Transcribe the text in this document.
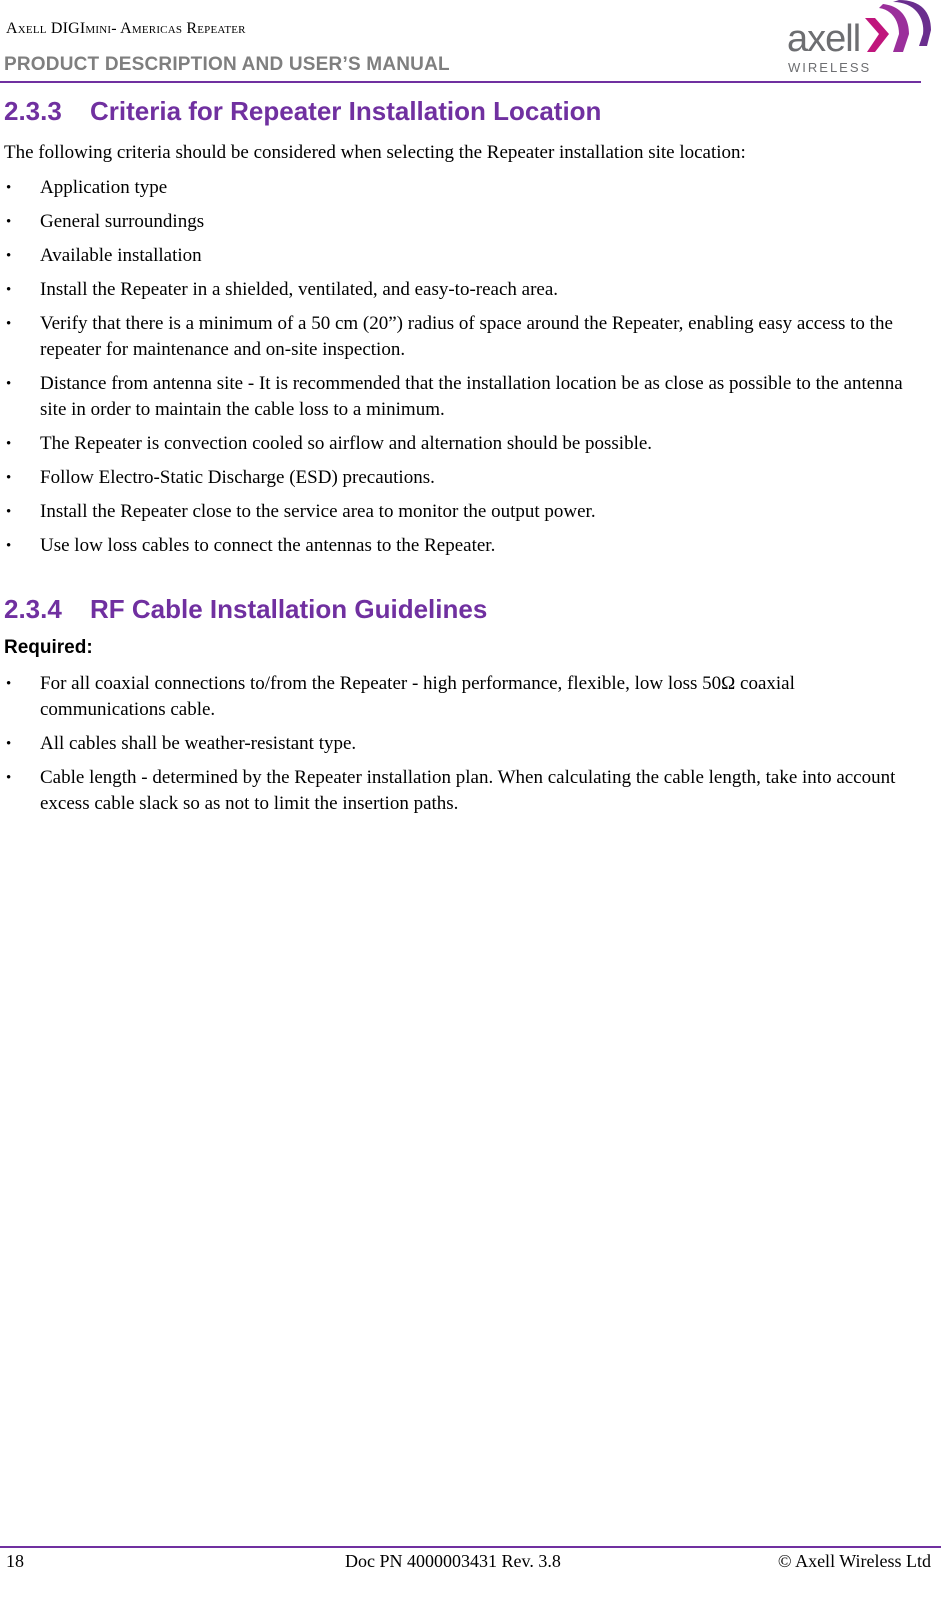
Axell DIGImini- Americas Repeater
PRODUCT DESCRIPTION AND USER’S MANUAL
axell
WIRELESS
2.3.3 Criteria for Repeater Installation Location
The following criteria should be considered when selecting the Repeater installation site location:
• Application type
• General surroundings
• Available installation
• Install the Repeater in a shielded, ventilated, and easy-to-reach area.
• Verify that there is a minimum of a 50 cm (20”) radius of space around the Repeater, enabling easy access to the repeater for maintenance and on-site inspection.
• Distance from antenna site - It is recommended that the installation location be as close as possible to the antenna site in order to maintain the cable loss to a minimum.
• The Repeater is convection cooled so airflow and alternation should be possible.
• Follow Electro-Static Discharge (ESD) precautions.
• Install the Repeater close to the service area to monitor the output power.
• Use low loss cables to connect the antennas to the Repeater.
2.3.4 RF Cable Installation Guidelines
Required:
• For all coaxial connections to/from the Repeater - high performance, flexible, low loss 50Ω coaxial communications cable.
• All cables shall be weather-resistant type.
• Cable length - determined by the Repeater installation plan. When calculating the cable length, take into account excess cable slack so as not to limit the insertion paths.
18	Doc PN 4000003431 Rev. 3.8	© Axell Wireless Ltd
